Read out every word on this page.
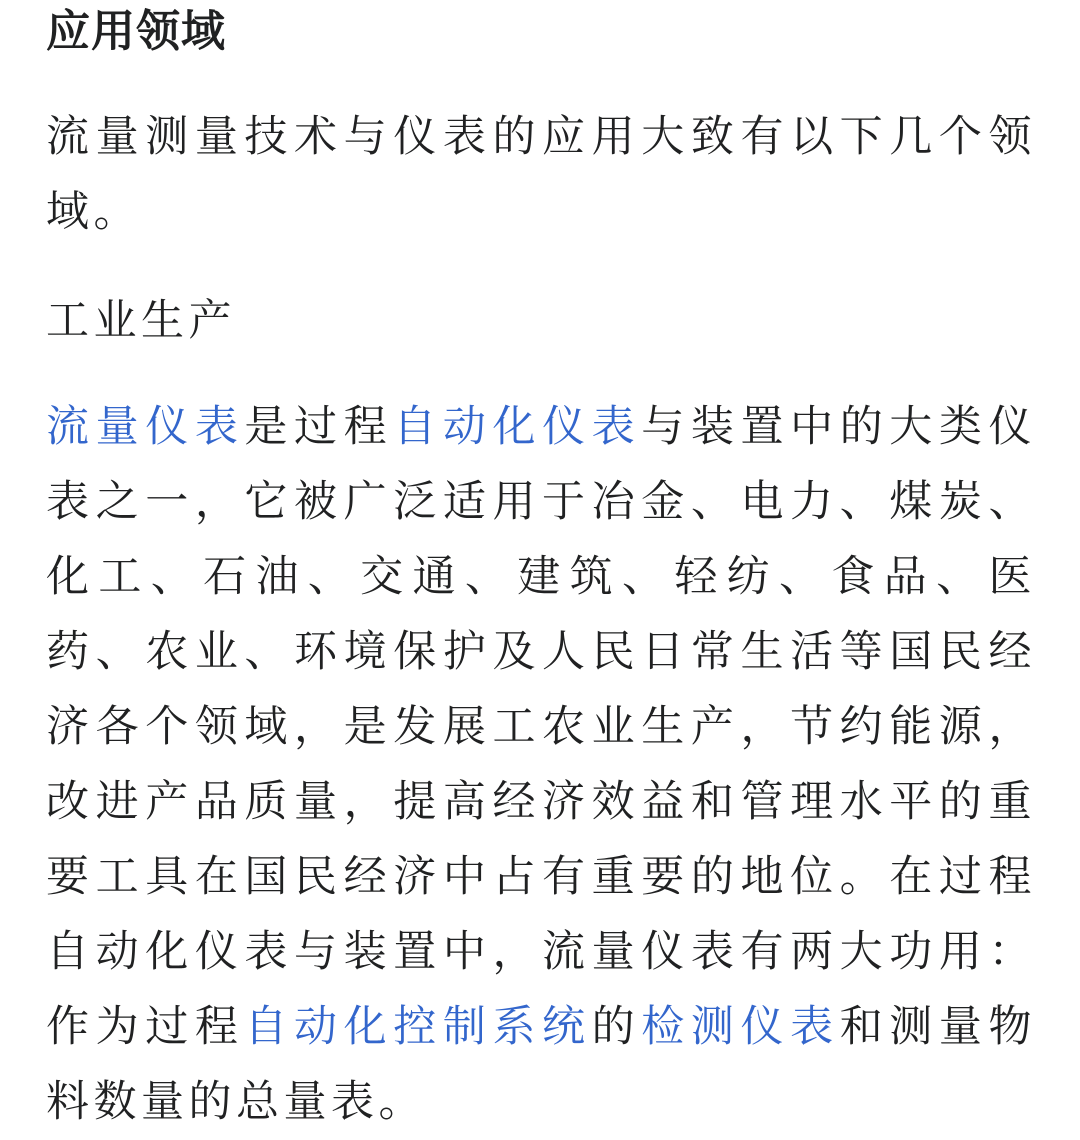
应用领域

流量测量技术与仪表的应用大致有以下几个领域。

工业生产

流量仪表是过程自动化仪表与装置中的大类仪表之一，它被广泛适用于冶金、电力、煤炭、化工、石油、交通、建筑、轻纺、食品、医药、农业、环境保护及人民日常生活等国民经济各个领域，是发展工农业生产，节约能源，改进产品质量，提高经济效益和管理水平的重要工具在国民经济中占有重要的地位。在过程自动化仪表与装置中，流量仪表有两大功用：作为过程自动化控制系统的检测仪表和测量物料数量的总量表。
